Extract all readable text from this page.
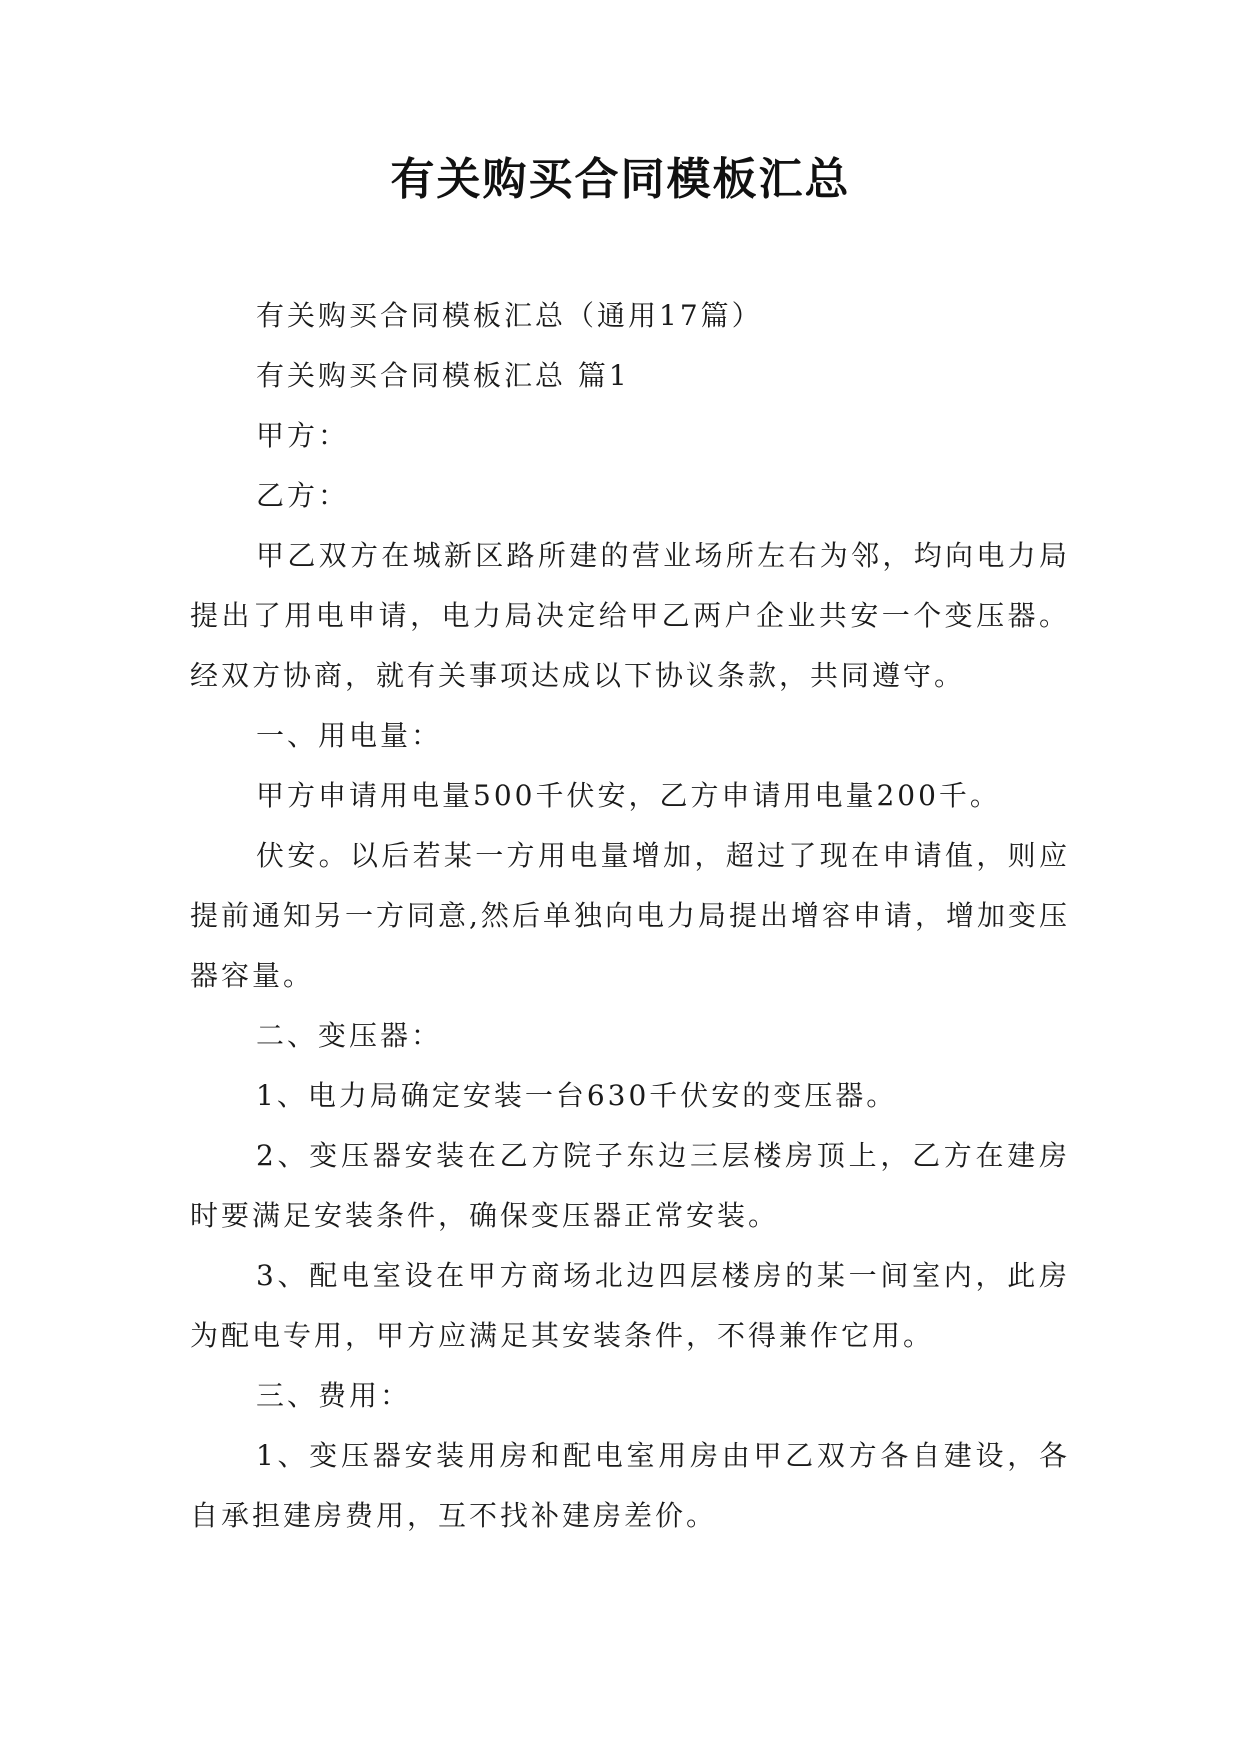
有关购买合同模板汇总

有关购买合同模板汇总（通用17篇）

有关购买合同模板汇总 篇1

甲方：

乙方：

甲乙双方在城新区路所建的营业场所左右为邻，均向电力局提出了用电申请，电力局决定给甲乙两户企业共安一个变压器。经双方协商，就有关事项达成以下协议条款，共同遵守。

一、用电量：

甲方申请用电量500千伏安，乙方申请用电量200千。

伏安。以后若某一方用电量增加，超过了现在申请值，则应提前通知另一方同意,然后单独向电力局提出增容申请，增加变压器容量。

二、变压器：

1、电力局确定安装一台630千伏安的变压器。

2、变压器安装在乙方院子东边三层楼房顶上，乙方在建房时要满足安装条件，确保变压器正常安装。

3、配电室设在甲方商场北边四层楼房的某一间室内，此房为配电专用，甲方应满足其安装条件，不得兼作它用。

三、费用：

1、变压器安装用房和配电室用房由甲乙双方各自建设，各自承担建房费用，互不找补建房差价。
